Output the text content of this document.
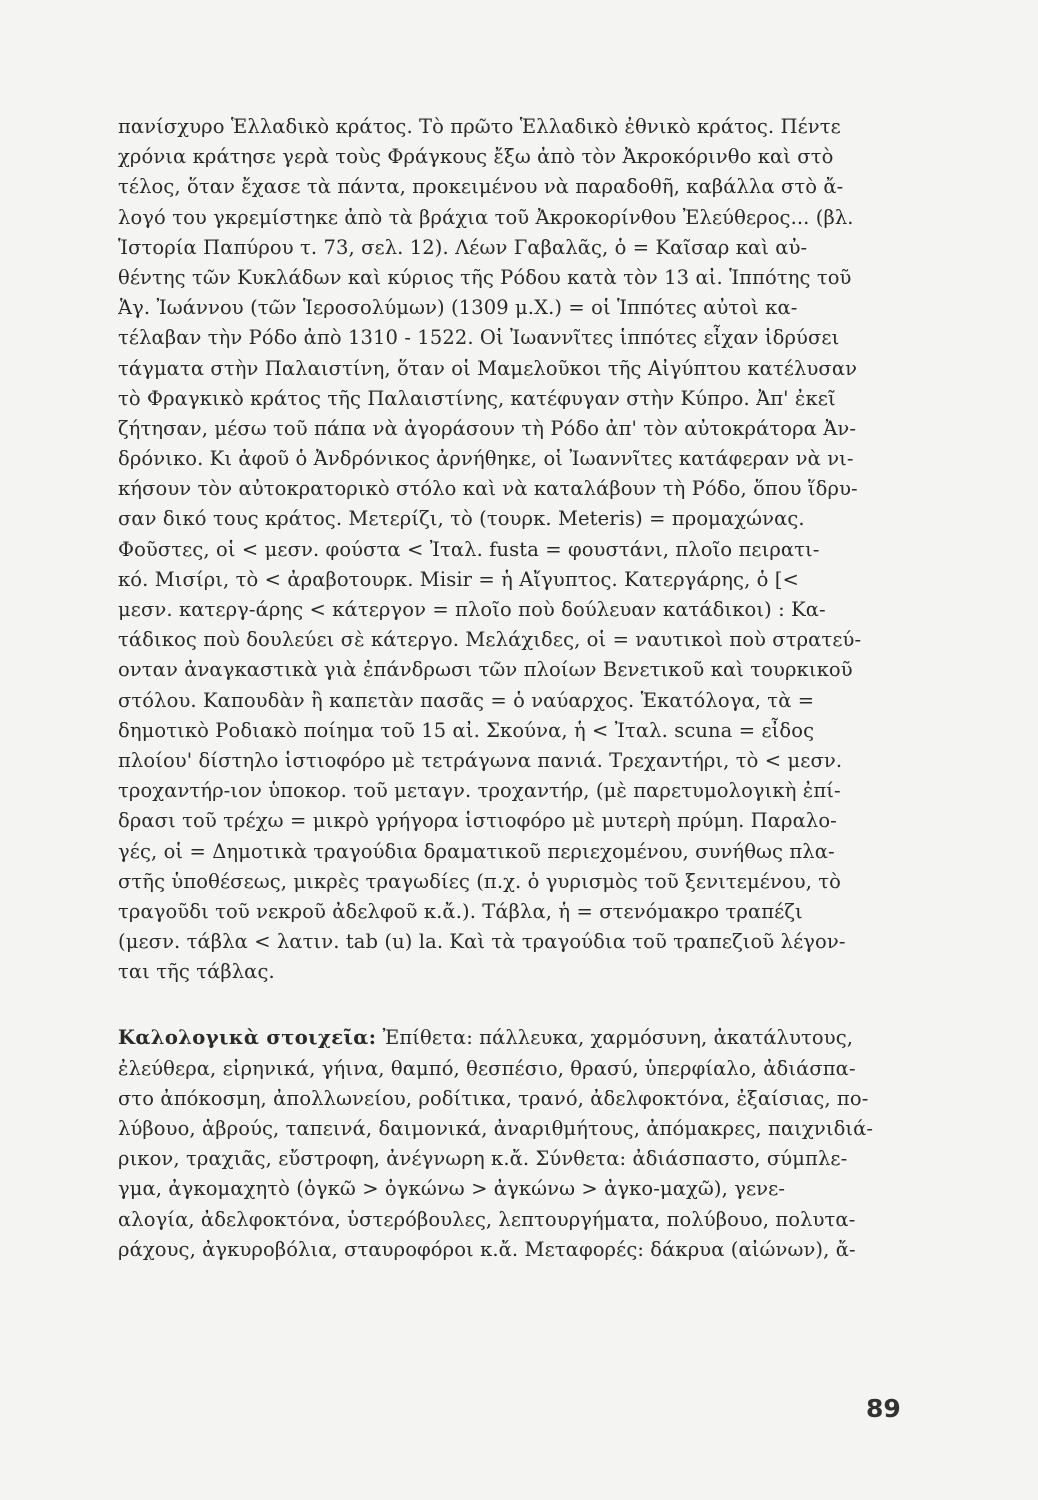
πανίσχυρο Ἑλλαδικὸ κράτος. Τὸ πρῶτο Ἑλλαδικὸ ἐθνικὸ κράτος. Πέντε
χρόνια κράτησε γερὰ τοὺς Φράγκους ἔξω ἀπὸ τὸν Ἀκροκόρινθο καὶ στὸ
τέλος, ὅταν ἔχασε τὰ πάντα, προκειμένου νὰ παραδοθῆ, καβάλλα στὸ ἄ-
λογό του γκρεμίστηκε ἀπὸ τὰ βράχια τοῦ Ἀκροκορίνθου Ἐλεύθερος... (βλ.
Ἱστορία Παπύρου τ. 73, σελ. 12). Λέων Γαβαλᾶς, ὁ = Καῖσαρ καὶ αὐ-
θέντης τῶν Κυκλάδων καὶ κύριος τῆς Ρόδου κατὰ τὸν 13 αἰ. Ἱππότης τοῦ
Ἁγ. Ἰωάννου (τῶν Ἱεροσολύμων) (1309 μ.Χ.) = οἱ Ἱππότες αὐτοὶ κα-
τέλαβαν τὴν Ρόδο ἀπὸ 1310 - 1522. Οἱ Ἰωαννῖτες ἱππότες εἶχαν ἱδρύσει
τάγματα στὴν Παλαιστίνη, ὅταν οἱ Μαμελοῦκοι τῆς Αἰγύπτου κατέλυσαν
τὸ Φραγκικὸ κράτος τῆς Παλαιστίνης, κατέφυγαν στὴν Κύπρο. Ἀπ' ἐκεῖ
ζήτησαν, μέσω τοῦ πάπα νὰ ἀγοράσουν τὴ Ρόδο ἀπ' τὸν αὐτοκράτορα Ἀν-
δρόνικο. Κι ἀφοῦ ὁ Ἀνδρόνικος ἀρνήθηκε, οἱ Ἰωαννῖτες κατάφεραν νὰ νι-
κήσουν τὸν αὐτοκρατορικὸ στόλο καὶ νὰ καταλάβουν τὴ Ρόδο, ὅπου ἵδρυ-
σαν δικό τους κράτος. Μετερίζι, τὸ (τουρκ. Meteris) = προμαχώνας.
Φοῦστες, οἱ < μεσν. φούστα < Ἰταλ. fusta = φουστάνι, πλοῖο πειρατι-
κό. Μισίρι, τὸ < ἀραβοτουρκ. Misir = ἡ Αἴγυπτος. Κατεργάρης, ὁ [<
μεσν. κατεργ-άρης < κάτεργον = πλοῖο ποὺ δούλευαν κατάδικοι) : Κα-
τάδικος ποὺ δουλεύει σὲ κάτεργο. Μελάχιδες, οἱ = ναυτικοὶ ποὺ στρατεύ-
ονταν ἀναγκαστικὰ γιὰ ἐπάνδρωσι τῶν πλοίων Βενετικοῦ καὶ τουρκικοῦ
στόλου. Καπουδὰν ἢ καπετὰν πασᾶς = ὁ ναύαρχος. Ἑκατόλογα, τὰ =
δημοτικὸ Ροδιακὸ ποίημα τοῦ 15 αἰ. Σκούνα, ἡ < Ἰταλ. scuna = εἶδος
πλοίου' δίστηλο ἱστιοφόρο μὲ τετράγωνα πανιά. Τρεχαντήρι, τὸ < μεσν.
τροχαντήρ-ιον ὑποκορ. τοῦ μεταγν. τροχαντήρ, (μὲ παρετυμολογικὴ ἐπί-
δρασι τοῦ τρέχω = μικρὸ γρήγορα ἱστιοφόρο μὲ μυτερὴ πρύμη. Παραλο-
γές, οἱ = Δημοτικὰ τραγούδια δραματικοῦ περιεχομένου, συνήθως πλα-
στῆς ὑποθέσεως, μικρὲς τραγωδίες (π.χ. ὁ γυρισμὸς τοῦ ξενιτεμένου, τὸ
τραγοῦδι τοῦ νεκροῦ ἀδελφοῦ κ.ἄ.). Τάβλα, ἡ = στενόμακρο τραπέζι
(μεσν. τάβλα < λατιν. tab (u) la. Καὶ τὰ τραγούδια τοῦ τραπεζιοῦ λέγον-
ται τῆς τάβλας.
Καλολογικὰ στοιχεῖα: Ἐπίθετα: πάλλευκα, χαρμόσυνη, ἀκατάλυτους,
ἐλεύθερα, εἰρηνικά, γήινα, θαμπό, θεσπέσιο, θρασύ, ὑπερφίαλο, ἀδιάσπα-
στο ἀπόκοσμη, ἀπολλωνείου, ροδίτικα, τρανό, ἀδελφοκτόνα, ἐξαίσιας, πο-
λύβουο, ἁβρούς, ταπεινά, δαιμονικά, ἀναριθμήτους, ἀπόμακρες, παιχνιδιά-
ρικον, τραχιᾶς, εὔστροφη, ἀνέγνωρη κ.ἄ. Σύνθετα: ἀδιάσπαστο, σύμπλε-
γμα, ἀγκομαχητὸ (ὀγκῶ > ὀγκώνω > ἀγκώνω > ἀγκο-μαχῶ), γενε-
αλογία, ἀδελφοκτόνα, ὑστερόβουλες, λεπτουργήματα, πολύβουο, πολυτα-
ράχους, ἀγκυροβόλια, σταυροφόροι κ.ἄ. Μεταφορές: δάκρυα (αἰώνων), ἄ-
89
